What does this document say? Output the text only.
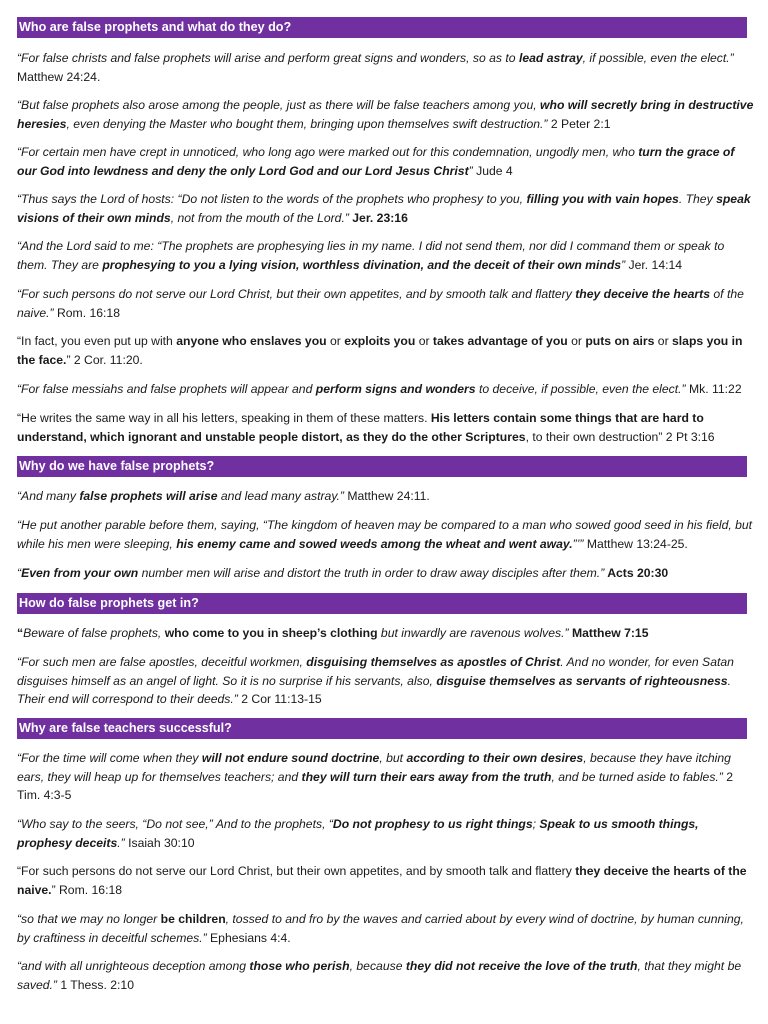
Who are false prophets and what do they do?

“For false christs and false prophets will arise and perform great signs and wonders, so as to lead astray, if possible, even the elect.” Matthew 24:24.

“But false prophets also arose among the people, just as there will be false teachers among you, who will secretly bring in destructive heresies, even denying the Master who bought them, bringing upon themselves swift destruction.” 2 Peter 2:1

“For certain men have crept in unnoticed, who long ago were marked out for this condemnation, ungodly men, who turn the grace of our God into lewdness and deny the only Lord God and our Lord Jesus Christ” Jude 4

“Thus says the Lord of hosts: “Do not listen to the words of the prophets who prophesy to you, filling you with vain hopes. They speak visions of their own minds, not from the mouth of the Lord.” Jer. 23:16

“And the Lord said to me: “The prophets are prophesying lies in my name. I did not send them, nor did I command them or speak to them. They are prophesying to you a lying vision, worthless divination, and the deceit of their own minds” Jer. 14:14

“For such persons do not serve our Lord Christ, but their own appetites, and by smooth talk and flattery they deceive the hearts of the naive.” Rom. 16:18

“In fact, you even put up with anyone who enslaves you or exploits you or takes advantage of you or puts on airs or slaps you in the face.” 2 Cor. 11:20.

“For false messiahs and false prophets will appear and perform signs and wonders to deceive, if possible, even the elect.” Mk. 11:22

“He writes the same way in all his letters, speaking in them of these matters. His letters contain some things that are hard to understand, which ignorant and unstable people distort, as they do the other Scriptures, to their own destruction” 2 Pt 3:16

Why do we have false prophets?

“And many false prophets will arise and lead many astray.” Matthew 24:11.

“He put another parable before them, saying, “The kingdom of heaven may be compared to a man who sowed good seed in his field, but while his men were sleeping, his enemy came and sowed weeds among the wheat and went away.”’” Matthew 13:24-25.

“Even from your own number men will arise and distort the truth in order to draw away disciples after them.” Acts 20:30

How do false prophets get in?

“Beware of false prophets, who come to you in sheep’s clothing but inwardly are ravenous wolves.” Matthew 7:15

“For such men are false apostles, deceitful workmen, disguising themselves as apostles of Christ. And no wonder, for even Satan disguises himself as an angel of light. So it is no surprise if his servants, also, disguise themselves as servants of righteousness. Their end will correspond to their deeds.” 2 Cor 11:13-15

Why are false teachers successful?

“For the time will come when they will not endure sound doctrine, but according to their own desires, because they have itching ears, they will heap up for themselves teachers; and they will turn their ears away from the truth, and be turned aside to fables.” 2 Tim. 4:3-5

“Who say to the seers, “Do not see,” And to the prophets, “Do not prophesy to us right things; Speak to us smooth things, prophesy deceits.” Isaiah 30:10

“For such persons do not serve our Lord Christ, but their own appetites, and by smooth talk and flattery they deceive the hearts of the naive.” Rom. 16:18

“so that we may no longer be children, tossed to and fro by the waves and carried about by every wind of doctrine, by human cunning, by craftiness in deceitful schemes.” Ephesians 4:4.

“and with all unrighteous deception among those who perish, because they did not receive the love of the truth, that they might be saved.” 1 Thess. 2:10
